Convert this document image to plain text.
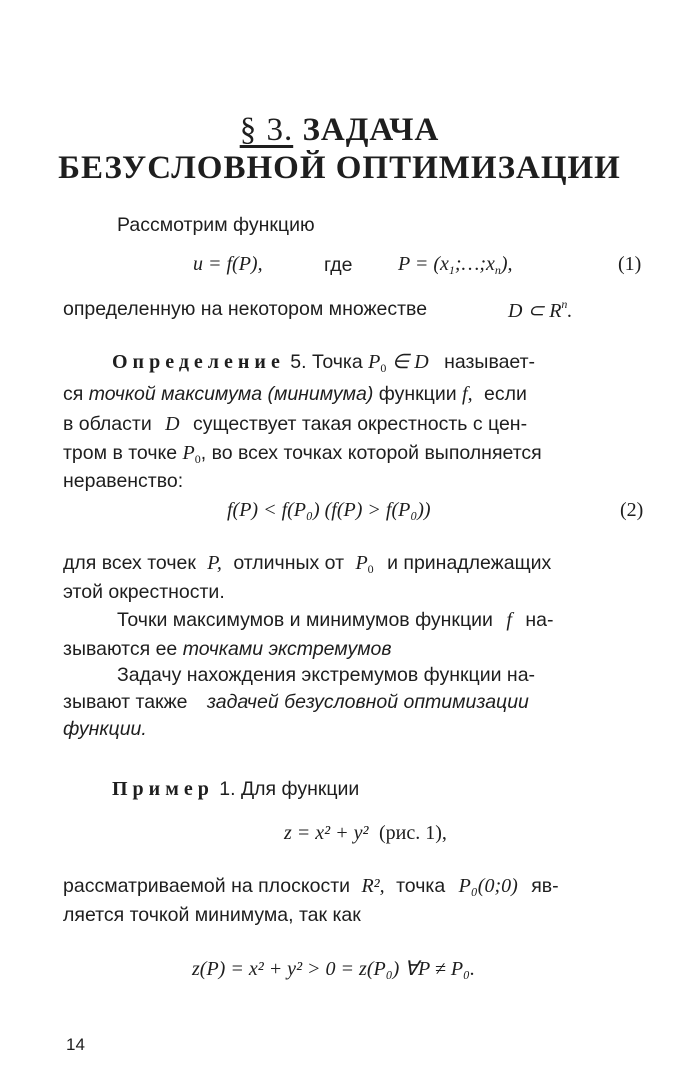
§ 3. ЗАДАЧА
БЕЗУСЛОВНОЙ ОПТИМИЗАЦИИ
Рассмотрим функцию
u = f(P),	где $P = (x_1;\dots;x_n)$,	(1)
определенную на некотором множестве	D ⊂ $R^n$.
Определение 5. Точка $P_0$ ∈ D называет-
ся точкой максимума (минимума) функции f, если
в области D существует такая окрестность с цен-
тром в точке $P_0$, во всех точках которой выполняется
неравенство:
f(P) < f(P₀) (f(P) > f(P₀))	(2)
для всех точек P, отличных от $P_0$ и принадлежащих
этой окрестности.
Точки максимумов и минимумов функции f на-
зываются ее точками экстремумов
Задачу нахождения экстремумов функции на-
зывают также задачей безусловной оптимизации
функции.
Пример 1. Для функции
z = x² + y² (рис. 1),
рассматриваемой на плоскости R², точка P₀(0;0) яв-
ляется точкой минимума, так как
z(P) = x² + y² > 0 = z(P₀) ∀P ≠ P₀.
14
